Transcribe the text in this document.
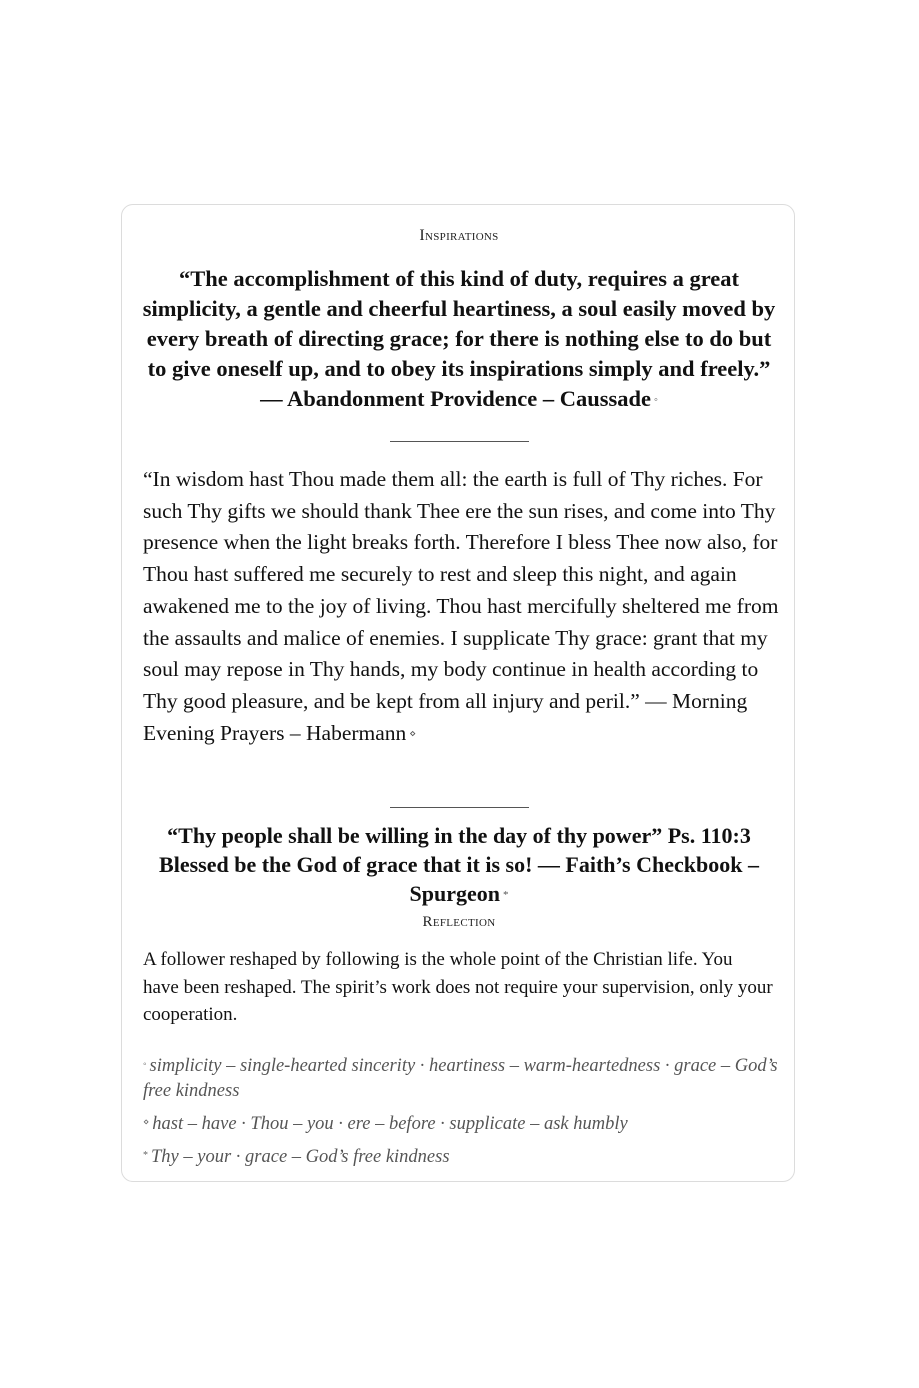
Inspirations
“The accomplishment of this kind of duty, requires a great simplicity, a gentle and cheerful heartiness, a soul easily moved by every breath of directing grace; for there is nothing else to do but to give oneself up, and to obey its inspirations simply and freely.” — Abandonment Providence – Caussade ◦
“In wisdom hast Thou made them all: the earth is full of Thy riches. For such Thy gifts we should thank Thee ere the sun rises, and come into Thy presence when the light breaks forth. Therefore I bless Thee now also, for Thou hast suffered me securely to rest and sleep this night, and again awakened me to the joy of living. Thou hast mercifully sheltered me from the assaults and malice of enemies. I supplicate Thy grace: grant that my soul may repose in Thy hands, my body continue in health according to Thy good pleasure, and be kept from all injury and peril.” — Morning Evening Prayers – Habermann ⋄
“Thy people shall be willing in the day of thy power” Ps. 110:3 Blessed be the God of grace that it is so! — Faith’s Checkbook – Spurgeon *
Reflection
A follower reshaped by following is the whole point of the Christian life. You have been reshaped. The spirit’s work does not require your supervision, only your cooperation.
◦ simplicity – single-hearted sincerity · heartiness – warm-heartedness · grace – God’s free kindness
⋄ hast – have · Thou – you · ere – before · supplicate – ask humbly
* Thy – your · grace – God’s free kindness
